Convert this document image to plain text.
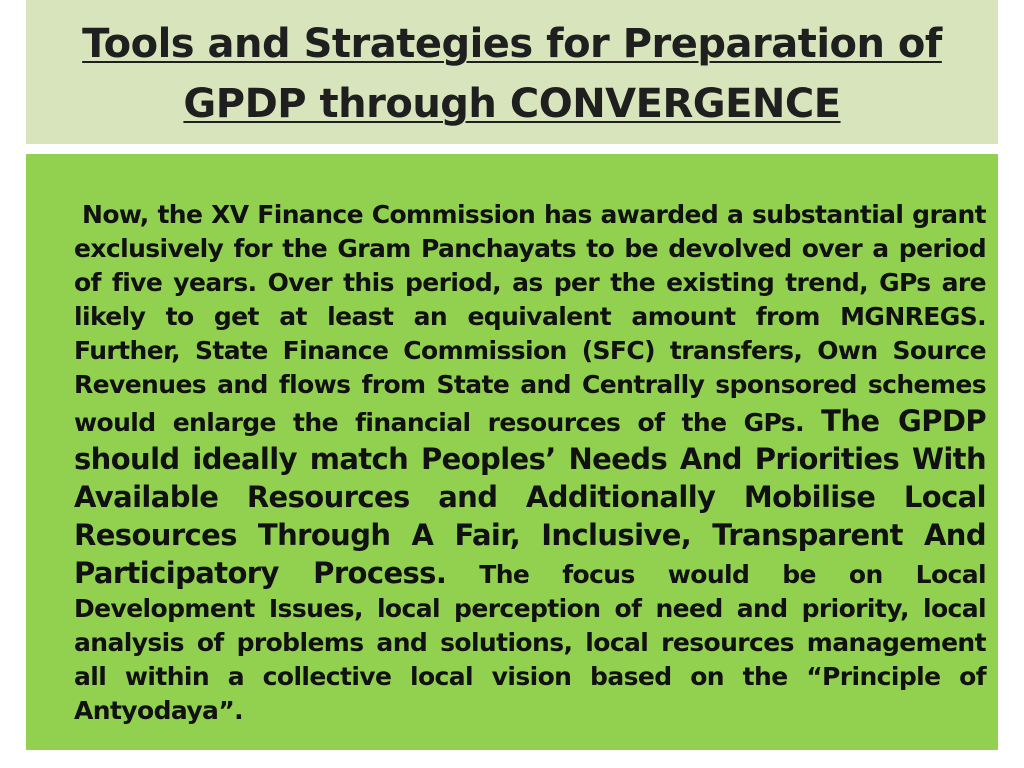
Tools and Strategies for Preparation of
GPDP through CONVERGENCE

Now, the XV Finance Commission has awarded a substantial grant exclusively for the Gram Panchayats to be devolved over a period of five years. Over this period, as per the existing trend, GPs are likely to get at least an equivalent amount from MGNREGS. Further, State Finance Commission (SFC) transfers, Own Source Revenues and flows from State and Centrally sponsored schemes would enlarge the financial resources of the GPs. The GPDP should ideally match Peoples’ Needs And Priorities With Available Resources and Additionally Mobilise Local Resources Through A Fair, Inclusive, Transparent And Participatory Process. The focus would be on Local Development Issues, local perception of need and priority, local analysis of problems and solutions, local resources management all within a collective local vision based on the “Principle of Antyodaya”.
